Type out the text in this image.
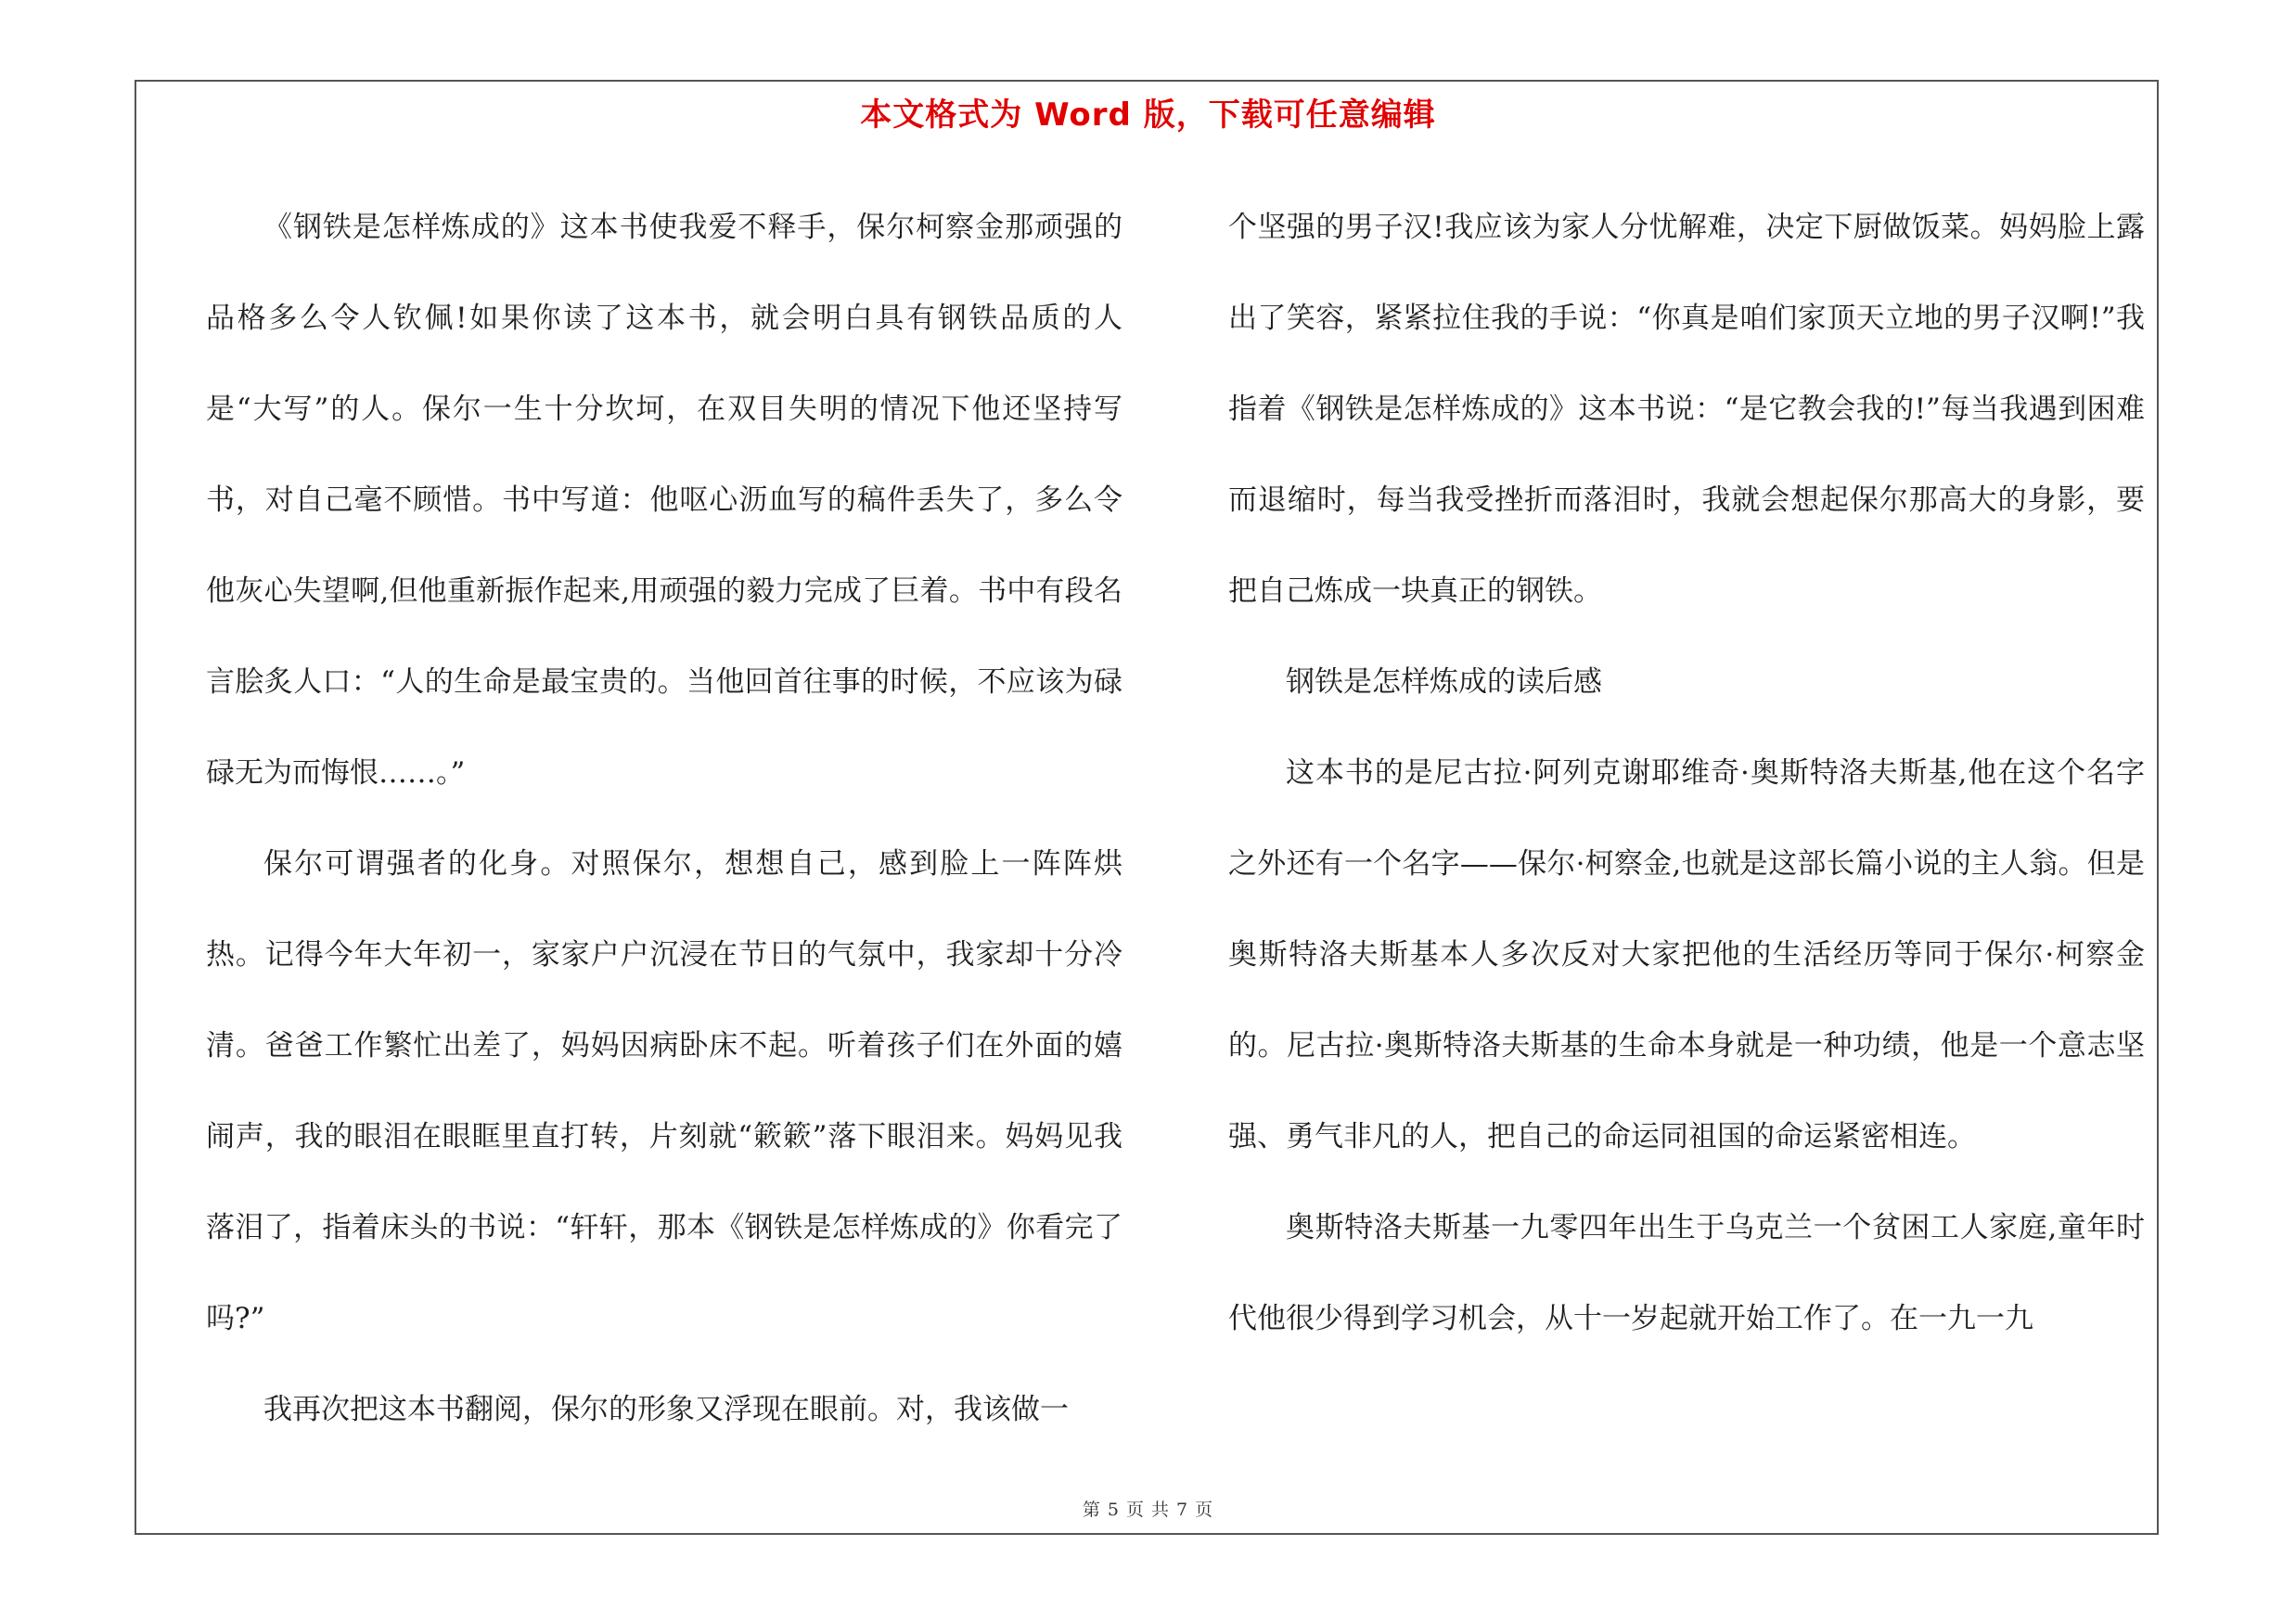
本文格式为 Word 版，下载可任意编辑

《钢铁是怎样炼成的》这本书使我爱不释手，保尔柯察金那顽强的品格多么令人钦佩!如果你读了这本书，就会明白具有钢铁品质的人是“大写”的人。保尔一生十分坎坷，在双目失明的情况下他还坚持写书，对自己毫不顾惜。书中写道：他呕心沥血写的稿件丢失了，多么令他灰心失望啊,但他重新振作起来,用顽强的毅力完成了巨着。书中有段名言脍炙人口：“人的生命是最宝贵的。当他回首往事的时候，不应该为碌碌无为而悔恨……。”

保尔可谓强者的化身。对照保尔，想想自己，感到脸上一阵阵烘热。记得今年大年初一，家家户户沉浸在节日的气氛中，我家却十分冷清。爸爸工作繁忙出差了，妈妈因病卧床不起。听着孩子们在外面的嬉闹声，我的眼泪在眼眶里直打转，片刻就“簌簌”落下眼泪来。妈妈见我落泪了，指着床头的书说：“轩轩，那本《钢铁是怎样炼成的》你看完了吗?”

我再次把这本书翻阅，保尔的形象又浮现在眼前。对，我该做一

个坚强的男子汉!我应该为家人分忧解难，决定下厨做饭菜。妈妈脸上露出了笑容，紧紧拉住我的手说：“你真是咱们家顶天立地的男子汉啊!”我指着《钢铁是怎样炼成的》这本书说：“是它教会我的!”每当我遇到困难而退缩时，每当我受挫折而落泪时，我就会想起保尔那高大的身影，要把自己炼成一块真正的钢铁。

钢铁是怎样炼成的读后感

这本书的是尼古拉·阿列克谢耶维奇·奥斯特洛夫斯基,他在这个名字之外还有一个名字——保尔·柯察金,也就是这部长篇小说的主人翁。但是奥斯特洛夫斯基本人多次反对大家把他的生活经历等同于保尔·柯察金的。尼古拉·奥斯特洛夫斯基的生命本身就是一种功绩，他是一个意志坚强、勇气非凡的人，把自己的命运同祖国的命运紧密相连。

奥斯特洛夫斯基一九零四年出生于乌克兰一个贫困工人家庭,童年时代他很少得到学习机会，从十一岁起就开始工作了。在一九一九

第 5 页 共 7 页
